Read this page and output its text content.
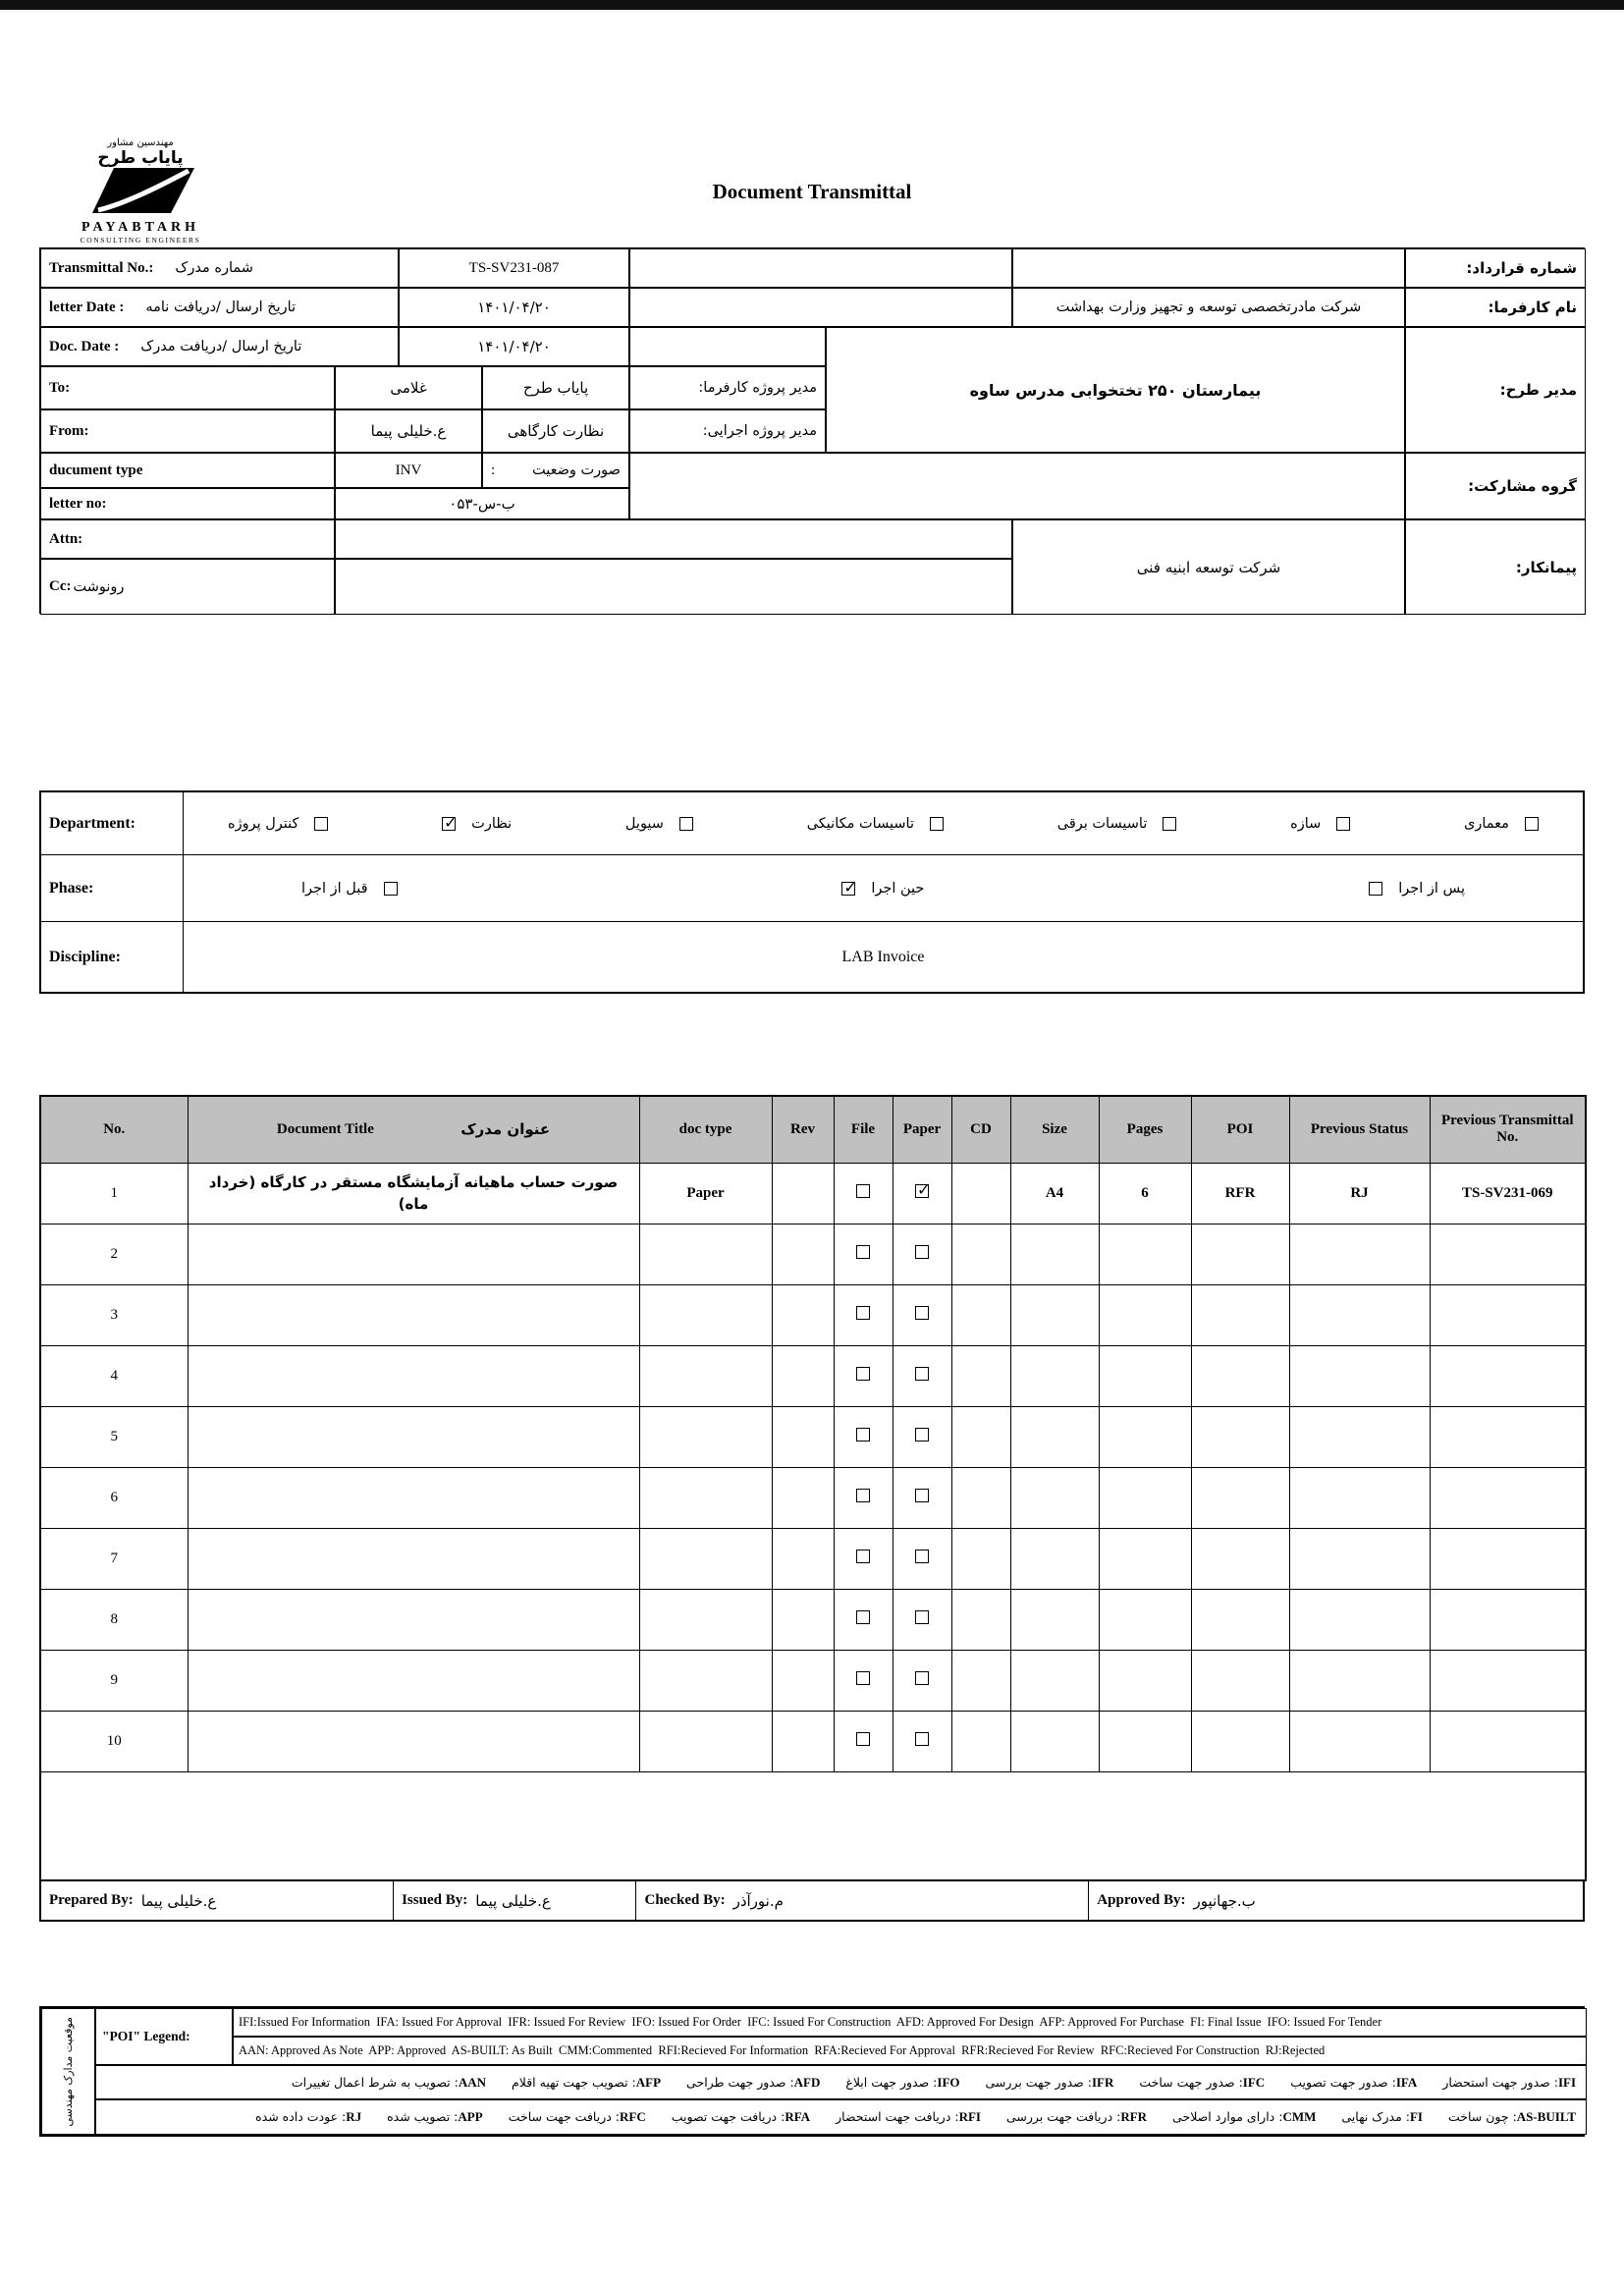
مهندسین مشاور
پایاب طرح
PAYABTARH
CONSULTING ENGINEERS
Document Transmittal
Transmittal No.: شماره مدرک	TS-SV231-087	شماره قرارداد:
letter Date : تاریخ ارسال /دریافت نامه	۱۴۰۱/۰۴/۲۰	شرکت مادرتخصصی توسعه و تجهیز وزارت بهداشت	نام کارفرما:
Doc. Date : تاریخ ارسال /دریافت مدرک	۱۴۰۱/۰۴/۲۰
بیمارستان ۲۵۰ تختخوابی مدرس ساوه	مدیر طرح:
To:	غلامی	پایاب طرح	مدیر پروژه کارفرما:
From:	ع.خلیلی پیما	نظارت کارگاهی	مدیر پروژه اجرایی:
ducument type	INV	صورت وضعیت
:
گروه مشارکت:
letter no:	ب-س-۰۵۳
Attn:
شرکت توسعه ابنیه فنی	پیمانکار:
Cc: رونوشت
Department:	کنترل پروژه ✓	نظارت	سیویل	تاسیسات مکانیکی	تاسیسات برقی	سازه	معماری
Phase:	قبل از اجرا ✓	حین اجرا	پس از اجرا
Discipline:	LAB Invoice
No.	Document Title عنوان مدرک	doc type	Rev	File	Paper	CD	Size	Pages	POI	Previous Status	Previous Transmittal No.
1	صورت حساب ماهیانه آزمایشگاه مستقر در کارگاه (خرداد ماه)	Paper			✓		A4	6	RFR	RJ	TS-SV231-069
2											
3											
4											
5											
6											
7											
8											
9											
10											

Prepared By: ع.خلیلی پیما	Issued By: ع.خلیلی پیما	Checked By: م.نورآذر	Approved By: ب.جهانپور
موقعیت مدارک مهندسی	"POI" Legend:
IFI:Issued For Information  IFA: Issued For Approval  IFR: Issued For Review  IFO: Issued For Order  IFC: Issued For Construction  AFD: Approved For Design  AFP: Approved For Purchase  FI: Final Issue  IFO: Issued For Tender
AAN: Approved As Note  APP: Approved  AS-BUILT: As Built  CMM:Commented  RFI:Recieved For Information  RFA:Recieved For Approval  RFR:Recieved For Review  RFC:Recieved For Construction  RJ:Rejected
IFI: صدور جهت استحضار
IFA: صدور جهت تصویب
IFC: صدور جهت ساخت
IFR: صدور جهت بررسی
IFO: صدور جهت ابلاغ
AFD: صدور جهت طراحی
AFP: تصویب جهت تهیه اقلام
AAN: تصویب به شرط اعمال تغییرات
AS-BUILT: چون ساخت
FI: مدرک نهایی
CMM: دارای موارد اصلاحی
RFR: دریافت جهت بررسی
RFI: دریافت جهت استحضار
RFA: دریافت جهت تصویب
RFC: دریافت جهت ساخت
APP: تصویب شده
RJ: عودت داده شده
